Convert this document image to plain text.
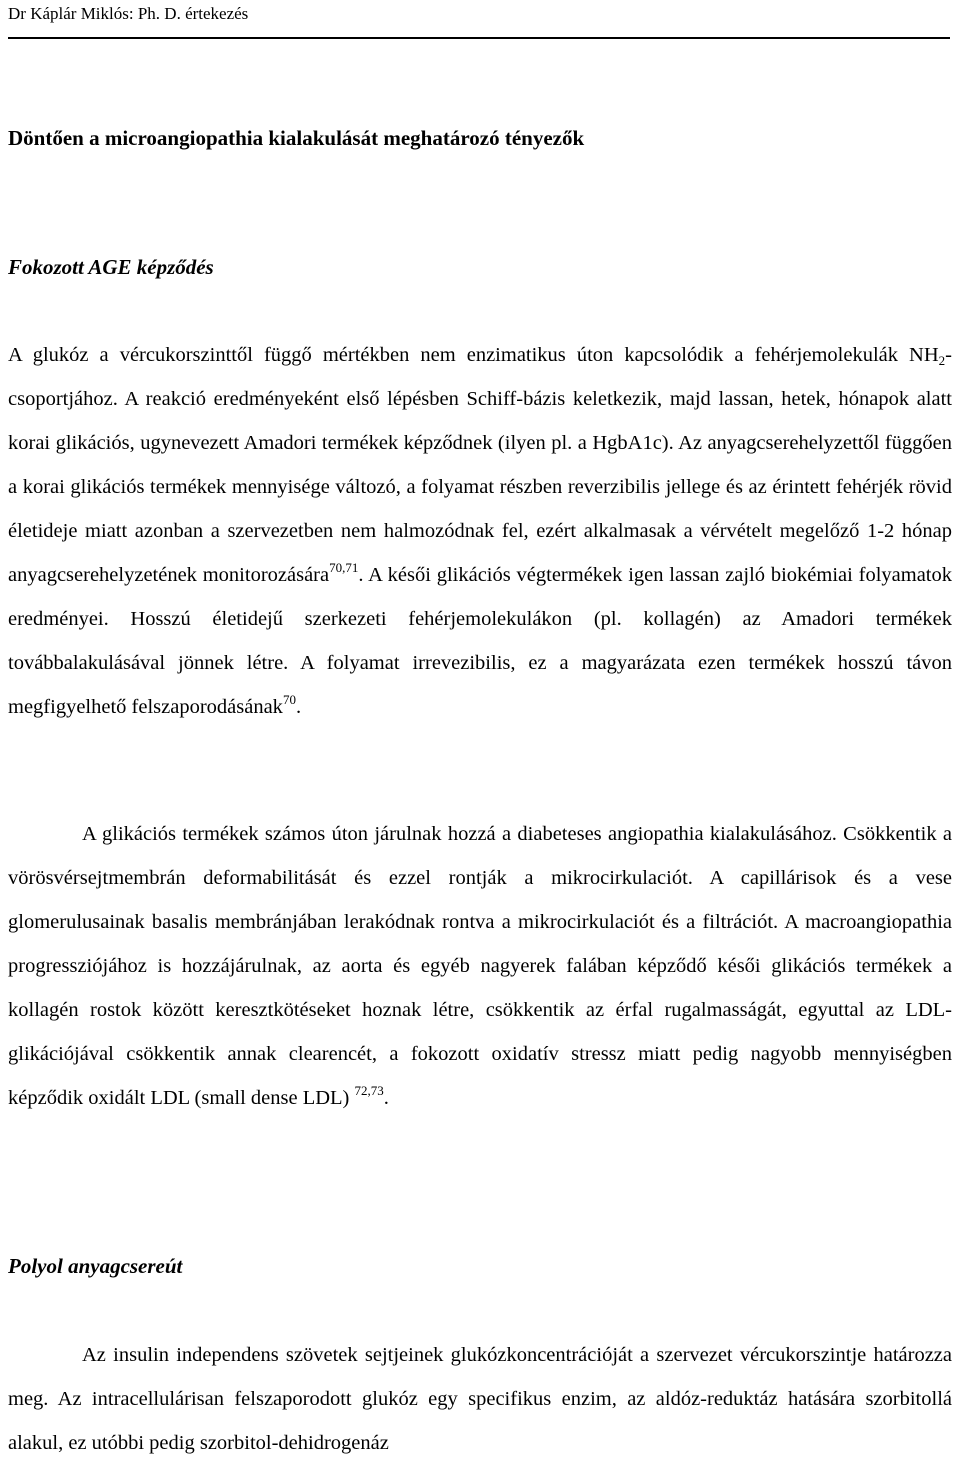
Dr Káplár Miklós: Ph. D. értekezés
Döntően a microangiopathia kialakulását meghatározó tényezők
Fokozott AGE képződés

A glukóz a vércukorszinttől függő mértékben nem enzimatikus úton kapcsolódik a fehérjemolekulák $NH_2$-csoportjához. A reakció eredményeként első lépésben Schiff-bázis keletkezik, majd lassan, hetek, hónapok alatt korai glikációs, ugynevezett Amadori termékek képződnek (ilyen pl. a HgbA1c). Az anyagcserehelyzettől függően a korai glikációs termékek mennyisége változó, a folyamat részben reverzibilis jellege és az érintett fehérjék rövid életideje miatt azonban a szervezetben nem halmozódnak fel, ezért alkalmasak a vérvételt megelőző 1-2 hónap anyagcserehelyzetének monitorozására$^{70,71}$. A késői glikációs végtermékek igen lassan zajló biokémiai folyamatok eredményei. Hosszú életidejű szerkezeti fehérjemolekulákon (pl. kollagén) az Amadori termékek továbbalakulásával jönnek létre. A folyamat irrevezibilis, ez a magyarázata ezen termékek hosszú távon megfigyelhető felszaporodásának$^{70}$.

A glikációs termékek számos úton járulnak hozzá a diabeteses angiopathia kialakulásához. Csökkentik a vörösvérsejtmembrán deformabilitását és ezzel rontják a mikrocirkulaciót. A capillárisok és a vese glomerulusainak basalis membránjában lerakódnak rontva a mikrocirkulaciót és a filtrációt. A macroangiopathia progressziójához is hozzájárulnak, az aorta és egyéb nagyerek falában képződő késői glikációs termékek a kollagén rostok között keresztkötéseket hoznak létre, csökkentik az érfal rugalmasságát, egyuttal az LDL-glikációjával csökkentik annak clearencét, a fokozott oxidatív stressz miatt pedig nagyobb mennyiségben képződik oxidált LDL (small dense LDL) $^{72,73}$.

Polyol anyagcsereút

Az insulin independens szövetek sejtjeinek glukózkoncentrációját a szervezet vércukorszintje határozza meg. Az intracellulárisan felszaporodott glukóz egy specifikus enzim, az aldóz-reduktáz hatására szorbitollá alakul, ez utóbbi pedig szorbitol-dehidrogenáz
